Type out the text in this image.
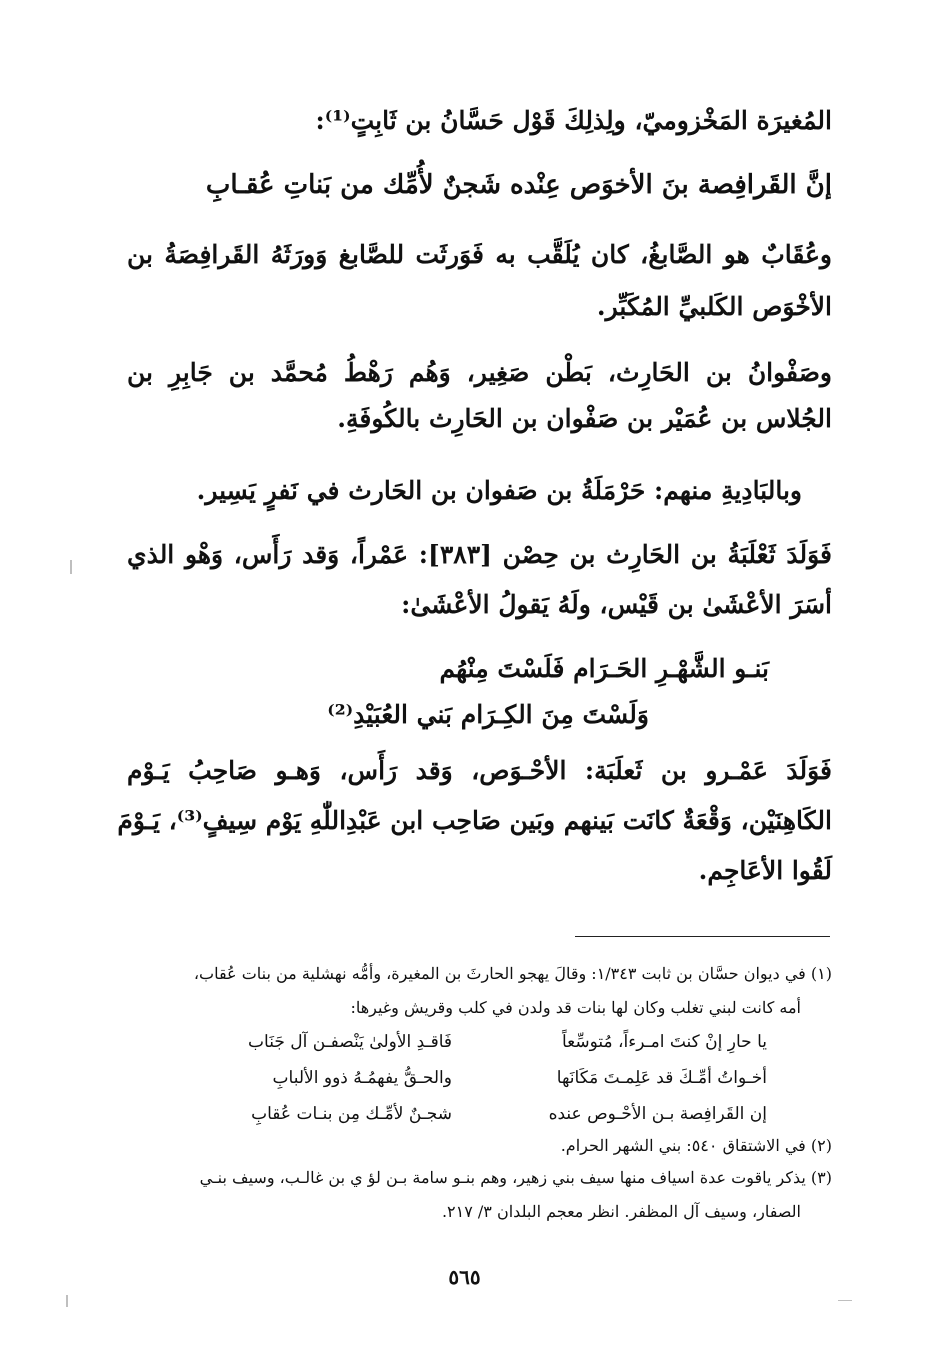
المُغيرَة المَخْزوميّ، ولِذلِكَ قَوْل حَسَّانُ بن ثَابِتٍ⁽¹⁾:
إنَّ القَرافِصة بنَ الأخوَص عِنْده شَجنٌ لأُمِّك من بَناتِ عُقـابِ
وعُقَابٌ هو الصَّابغُ، كان يُلَقَّب به فَوَرثَت للصَّابغ وَورَثَهُ القَرافِصَةُ بن
الأخْوَص الكَلبيِّ المُكَبِّر.
وصَفْوانُ بن الحَارِث، بَطْن صَغِير، وَهُم رَهْطُ مُحمَّد بن جَابِرِ بن
الجُلاس بن عُمَيْر بن صَفْوان بن الحَارِث بالكُوفَةِ.
وبالبَادِيةِ منهم: حَرْمَلَةُ بن صَفوان بن الحَارث في نَفرٍ يَسِير.
فَوَلَدَ ثَعْلَبَةُ بن الحَارِث بن حِصْن [٣٨٣]: عَمْراً، وَقد رَأَس، وَهْو الذي
أسَرَ الأعْشَىٰ بن قَيْس، ولَهُ يَقولُ الأعْشَىٰ:
بَنـو الشَّهْـرِ الحَـرَام فَلَسْتَ مِنْهُم
وَلَسْتَ مِنَ الكِـرَام بَني العُبَيْدِ⁽²⁾
فَوَلَدَ عَمْـرو بن ثَعلَبَة: الأحْـوَص، وَقد رَأَس، وَهـو صَاحِبُ يَـوْم
الكَاهِنَيْن، وَقْعَةٌ كانَت بَينهم وبَين صَاحِب ابن عَبْدِاللّٰهِ يَوْم سِيفٍ⁽³⁾، يَـوْمَ
لَقُوا الأعَاجِم.
(١) في ديوان حسَّان بن ثابت ١/٣٤٣: وقالَ يهجو الحارثَ بن المغيرة، وأمُّه نهشلية من بنات عُقاب،
أمه كانت لبني تغلب وكان لها بنات قد ولدن في كلب وقريش وغيرها:
يا حارِ إنْ كنتَ امـرءاً، مُتوسِّعاً
فَاقـدِ الأولىٰ يَنْصفـن آل جَنَاب
أخـواتُ أمِّـكَ قد عَلِمـتَ مَكَانَها
والحـقُّ يفهمُـهُ ذوو الألبابِ
إن القَرافِصة بـن الأحْـوص عنده
شجـنٌ لأمِّـك مِن بنـات عُقابِ
(٢) في الاشتقاق ٥٤٠: بني الشهر الحرام.
(٣) يذكر ياقوت عدة اسياف منها سيف بني زهير، وهم بنـو سامة بـن لؤ ي بن غالـب، وسيف بنـي
الصفار، وسيف آل المظفر. انظر معجم البلدان ٣/ ٢١٧.
٥٦٥
